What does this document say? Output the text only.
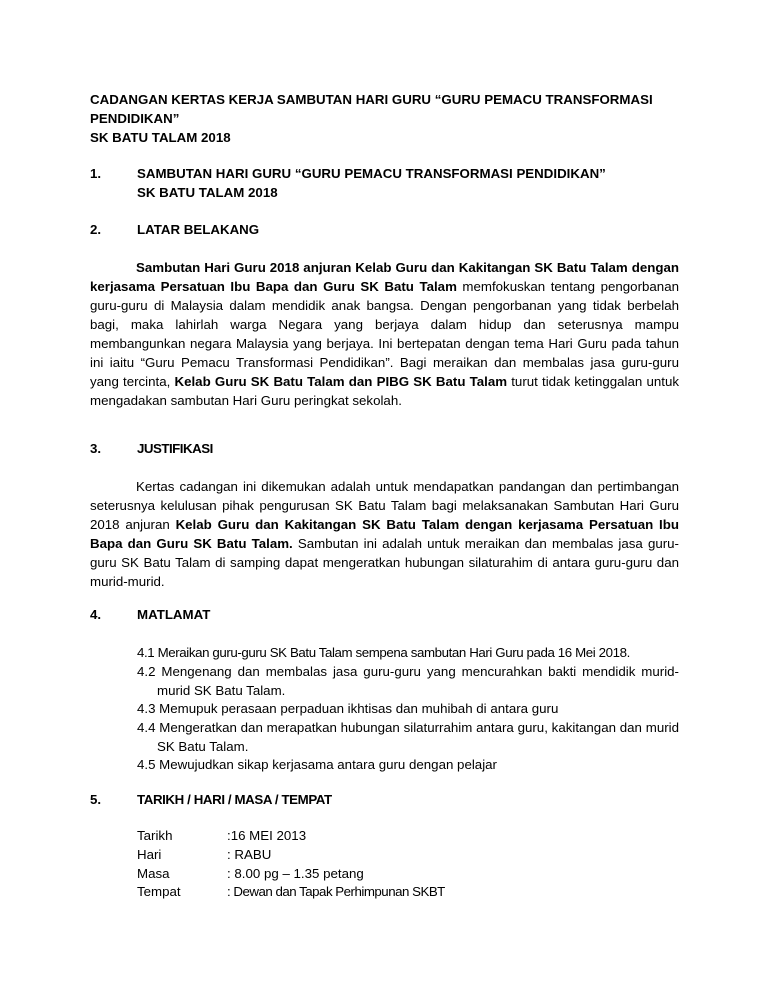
CADANGAN KERTAS KERJA SAMBUTAN HARI GURU “GURU PEMACU TRANSFORMASI
PENDIDIKAN”
SK BATU TALAM 2018
1.	SAMBUTAN HARI GURU “GURU PEMACU TRANSFORMASI PENDIDIKAN”
SK BATU TALAM 2018
2.	LATAR BELAKANG
Sambutan Hari Guru 2018 anjuran Kelab Guru dan Kakitangan SK Batu Talam dengan kerjasama Persatuan Ibu Bapa dan Guru SK Batu Talam memfokuskan tentang pengorbanan guru-guru di Malaysia dalam mendidik anak bangsa. Dengan pengorbanan yang tidak berbelah bagi, maka lahirlah warga Negara yang berjaya dalam hidup dan seterusnya mampu membangunkan negara Malaysia yang berjaya. Ini bertepatan dengan tema Hari Guru pada tahun ini iaitu “Guru Pemacu Transformasi Pendidikan”. Bagi meraikan dan membalas jasa guru-guru yang tercinta, Kelab Guru SK Batu Talam dan PIBG SK Batu Talam turut tidak ketinggalan untuk mengadakan sambutan Hari Guru peringkat sekolah.
3.	JUSTIFIKASI
Kertas cadangan ini dikemukan adalah untuk mendapatkan pandangan dan pertimbangan seterusnya kelulusan pihak pengurusan SK Batu Talam bagi melaksanakan Sambutan Hari Guru 2018 anjuran Kelab Guru dan Kakitangan SK Batu Talam dengan kerjasama Persatuan Ibu Bapa dan Guru SK Batu Talam. Sambutan ini adalah untuk meraikan dan membalas jasa guru-guru SK Batu Talam di samping dapat mengeratkan hubungan silaturahim di antara guru-guru dan murid-murid.
4.	MATLAMAT
4.1 Meraikan guru-guru SK Batu Talam sempena sambutan Hari Guru pada 16 Mei 2018.
4.2 Mengenang dan membalas jasa guru-guru yang mencurahkan bakti mendidik murid-murid SK Batu Talam.
4.3 Memupuk perasaan perpaduan ikhtisas dan muhibah di antara guru
4.4 Mengeratkan dan merapatkan hubungan silaturrahim antara guru, kakitangan dan murid SK Batu Talam.
4.5 Mewujudkan sikap kerjasama antara guru dengan pelajar
5.	TARIKH / HARI / MASA / TEMPAT
Tarikh	:16 MEI 2013
Hari	: RABU
Masa	: 8.00 pg – 1.35 petang
Tempat	: Dewan dan Tapak Perhimpunan SKBT
